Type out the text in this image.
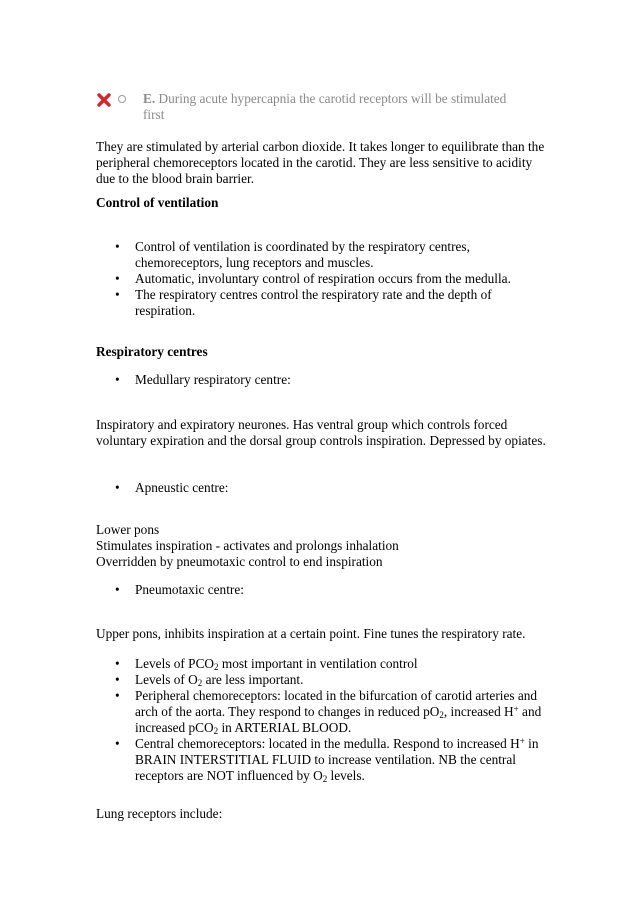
E. During acute hypercapnia the carotid receptors will be stimulated first

They are stimulated by arterial carbon dioxide. It takes longer to equilibrate than the peripheral chemoreceptors located in the carotid. They are less sensitive to acidity due to the blood brain barrier.

Control of ventilation

• Control of ventilation is coordinated by the respiratory centres, chemoreceptors, lung receptors and muscles.
• Automatic, involuntary control of respiration occurs from the medulla.
• The respiratory centres control the respiratory rate and the depth of respiration.

Respiratory centres

• Medullary respiratory centre:

Inspiratory and expiratory neurones. Has ventral group which controls forced voluntary expiration and the dorsal group controls inspiration. Depressed by opiates.

• Apneustic centre:

Lower pons

Stimulates inspiration - activates and prolongs inhalation

Overridden by pneumotaxic control to end inspiration

• Pneumotaxic centre:

Upper pons, inhibits inspiration at a certain point. Fine tunes the respiratory rate.

• Levels of $PCO_2$ most important in ventilation control
• Levels of $O_2$ are less important.
• Peripheral chemoreceptors: located in the bifurcation of carotid arteries and arch of the aorta. They respond to changes in reduced $pO_2$, increased H+ and increased pCO$_2$ in ARTERIAL BLOOD.
• Central chemoreceptors: located in the medulla. Respond to increased H+ in BRAIN INTERSTITIAL FLUID to increase ventilation. NB the central receptors are NOT influenced by $O_2$ levels.

Lung receptors include:
